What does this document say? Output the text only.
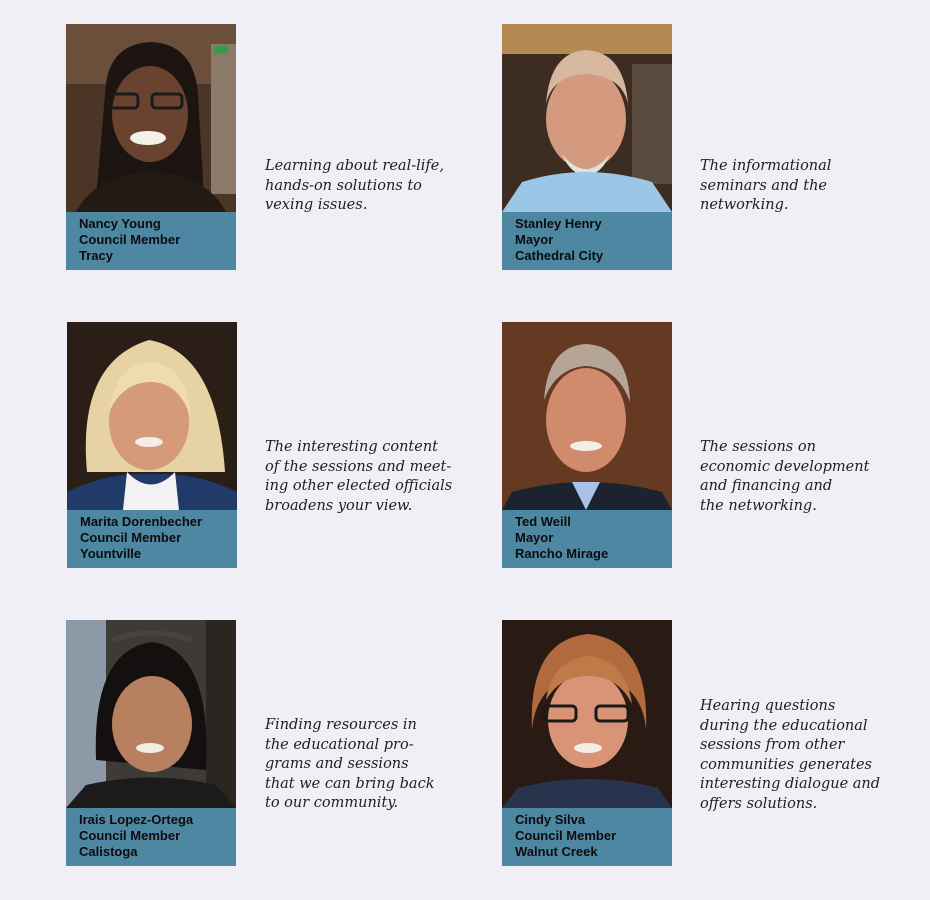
Nancy Young
Council Member
Tracy
Learning about real-life,
hands-on solutions to
vexing issues.
Stanley Henry
Mayor
Cathedral City
The informational
seminars and the
networking.
Marita Dorenbecher
Council Member
Yountville
The interesting content
of the sessions and meet-
ing other elected officials
broadens your view.
Ted Weill
Mayor
Rancho Mirage
The sessions on
economic development
and financing and
the networking.
Irais Lopez-Ortega
Council Member
Calistoga
Finding resources in
the educational pro-
grams and sessions
that we can bring back
to our community.
Cindy Silva
Council Member
Walnut Creek
Hearing questions
during the educational
sessions from other
communities generates
interesting dialogue and
offers solutions.
